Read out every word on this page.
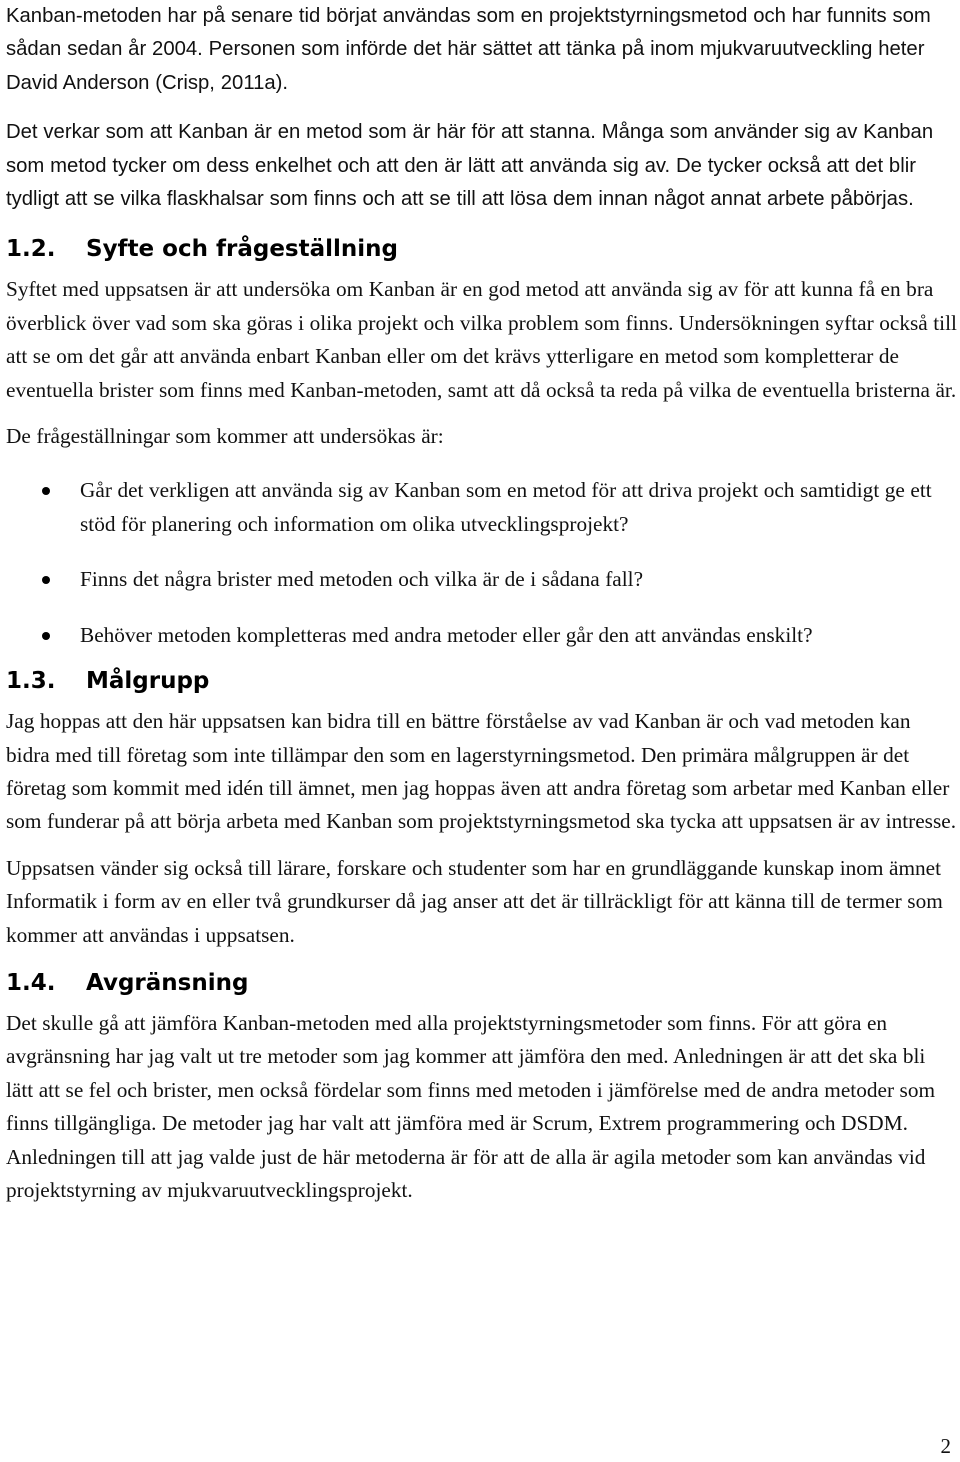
Kanban-metoden har på senare tid börjat användas som en projektstyrningsmetod och har funnits som sådan sedan år 2004. Personen som införde det här sättet att tänka på inom mjukvaruutveckling heter David Anderson (Crisp, 2011a).

Det verkar som att Kanban är en metod som är här för att stanna. Många som använder sig av Kanban som metod tycker om dess enkelhet och att den är lätt att använda sig av. De tycker också att det blir tydligt att se vilka flaskhalsar som finns och att se till att lösa dem innan något annat arbete påbörjas.

1.2.	Syfte och frågeställning

Syftet med uppsatsen är att undersöka om Kanban är en god metod att använda sig av för att kunna få en bra överblick över vad som ska göras i olika projekt och vilka problem som finns. Undersökningen syftar också till att se om det går att använda enbart Kanban eller om det krävs ytterligare en metod som kompletterar de eventuella brister som finns med Kanban-metoden, samt att då också ta reda på vilka de eventuella bristerna är.

De frågeställningar som kommer att undersökas är:

Går det verkligen att använda sig av Kanban som en metod för att driva projekt och samtidigt ge ett stöd för planering och information om olika utvecklingsprojekt?
Finns det några brister med metoden och vilka är de i sådana fall?
Behöver metoden kompletteras med andra metoder eller går den att användas enskilt?
1.3.	Målgrupp

Jag hoppas att den här uppsatsen kan bidra till en bättre förståelse av vad Kanban är och vad metoden kan bidra med till företag som inte tillämpar den som en lagerstyrningsmetod. Den primära målgruppen är det företag som kommit med idén till ämnet, men jag hoppas även att andra företag som arbetar med Kanban eller som funderar på att börja arbeta med Kanban som projektstyrningsmetod ska tycka att uppsatsen är av intresse.

Uppsatsen vänder sig också till lärare, forskare och studenter som har en grundläggande kunskap inom ämnet Informatik i form av en eller två grundkurser då jag anser att det är tillräckligt för att känna till de termer som kommer att användas i uppsatsen.

1.4.	Avgränsning

Det skulle gå att jämföra Kanban-metoden med alla projektstyrningsmetoder som finns. För att göra en avgränsning har jag valt ut tre metoder som jag kommer att jämföra den med. Anledningen är att det ska bli lätt att se fel och brister, men också fördelar som finns med metoden i jämförelse med de andra metoder som finns tillgängliga. De metoder jag har valt att jämföra med är Scrum, Extrem programmering och DSDM. Anledningen till att jag valde just de här metoderna är för att de alla är agila metoder som kan användas vid projektstyrning av mjukvaruutvecklingsprojekt.

2
